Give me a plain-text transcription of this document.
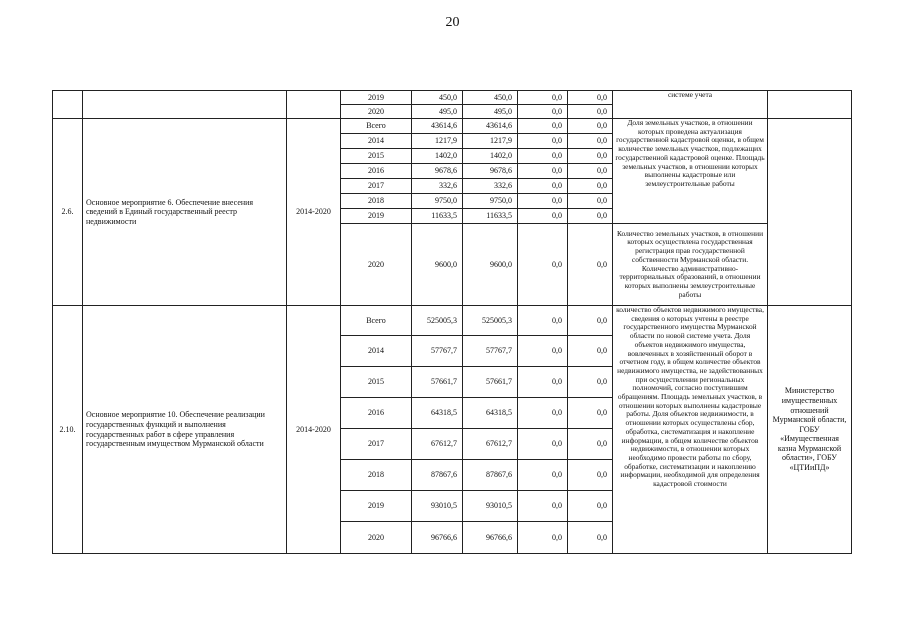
20
			2019	450,0	450,0	0,0	0,0	системе учета	
			2020	495,0	495,0	0,0	0,0		
2.6.	Основное мероприятие 6. Обеспечение внесения сведений в Единый государственный реестр недвижимости	2014-2020	Всего	43614,6	43614,6	0,0	0,0	Доля земельных участков, в отношении которых проведена актуализация государственной кадастровой оценки, в общем количестве земельных участков, подлежащих государственной кадастровой оценке. Площадь земельных участков, в отношении которых выполнены кадастровые или землеустроительные работы	
			2014	1217,9	1217,9	0,0	0,0		
			2015	1402,0	1402,0	0,0	0,0		
			2016	9678,6	9678,6	0,0	0,0		
			2017	332,6	332,6	0,0	0,0		
			2018	9750,0	9750,0	0,0	0,0		
			2019	11633,5	11633,5	0,0	0,0		
			2020	9600,0	9600,0	0,0	0,0	Количество земельных участков, в отношении которых осуществлена государственная регистрация прав государственной собственности Мурманской области. Количество административно-территориальных образований, в отношении которых выполнены землеустроительные работы	
2.10.	Основное мероприятие 10. Обеспечение реализации государственных функций и выполнения государственных работ в сфере управления государственным имуществом Мурманской области	2014-2020	Всего	525005,3	525005,3	0,0	0,0	количество объектов недвижимого имущества, сведения о которых учтены в реестре государственного имущества Мурманской области по новой системе учета. Доля объектов недвижимого имущества, вовлеченных в хозяйственный оборот в отчетном году, в общем количестве объектов недвижимого имущества, не задействованных при осуществлении региональных полномочий, согласно поступившим обращениям. Площадь земельных участков, в отношении которых выполнены кадастровые работы. Доля объектов недвижимости, в отношении которых осуществлены сбор, обработка, систематизация и накопление информации, в общем количестве объектов недвижимости, в отношении которых необходимо провести работы по сбору, обработке, систематизации и накоплению информации, необходимой для определения кадастровой стоимости	Министерство имущественных отношений Мурманской области, ГОБУ «Имущественная казна Мурманской области», ГОБУ «ЦТИиПД»
			2014	57767,7	57767,7	0,0	0,0		
			2015	57661,7	57661,7	0,0	0,0		
			2016	64318,5	64318,5	0,0	0,0		
			2017	67612,7	67612,7	0,0	0,0		
			2018	87867,6	87867,6	0,0	0,0		
			2019	93010,5	93010,5	0,0	0,0		
			2020	96766,6	96766,6	0,0	0,0		
